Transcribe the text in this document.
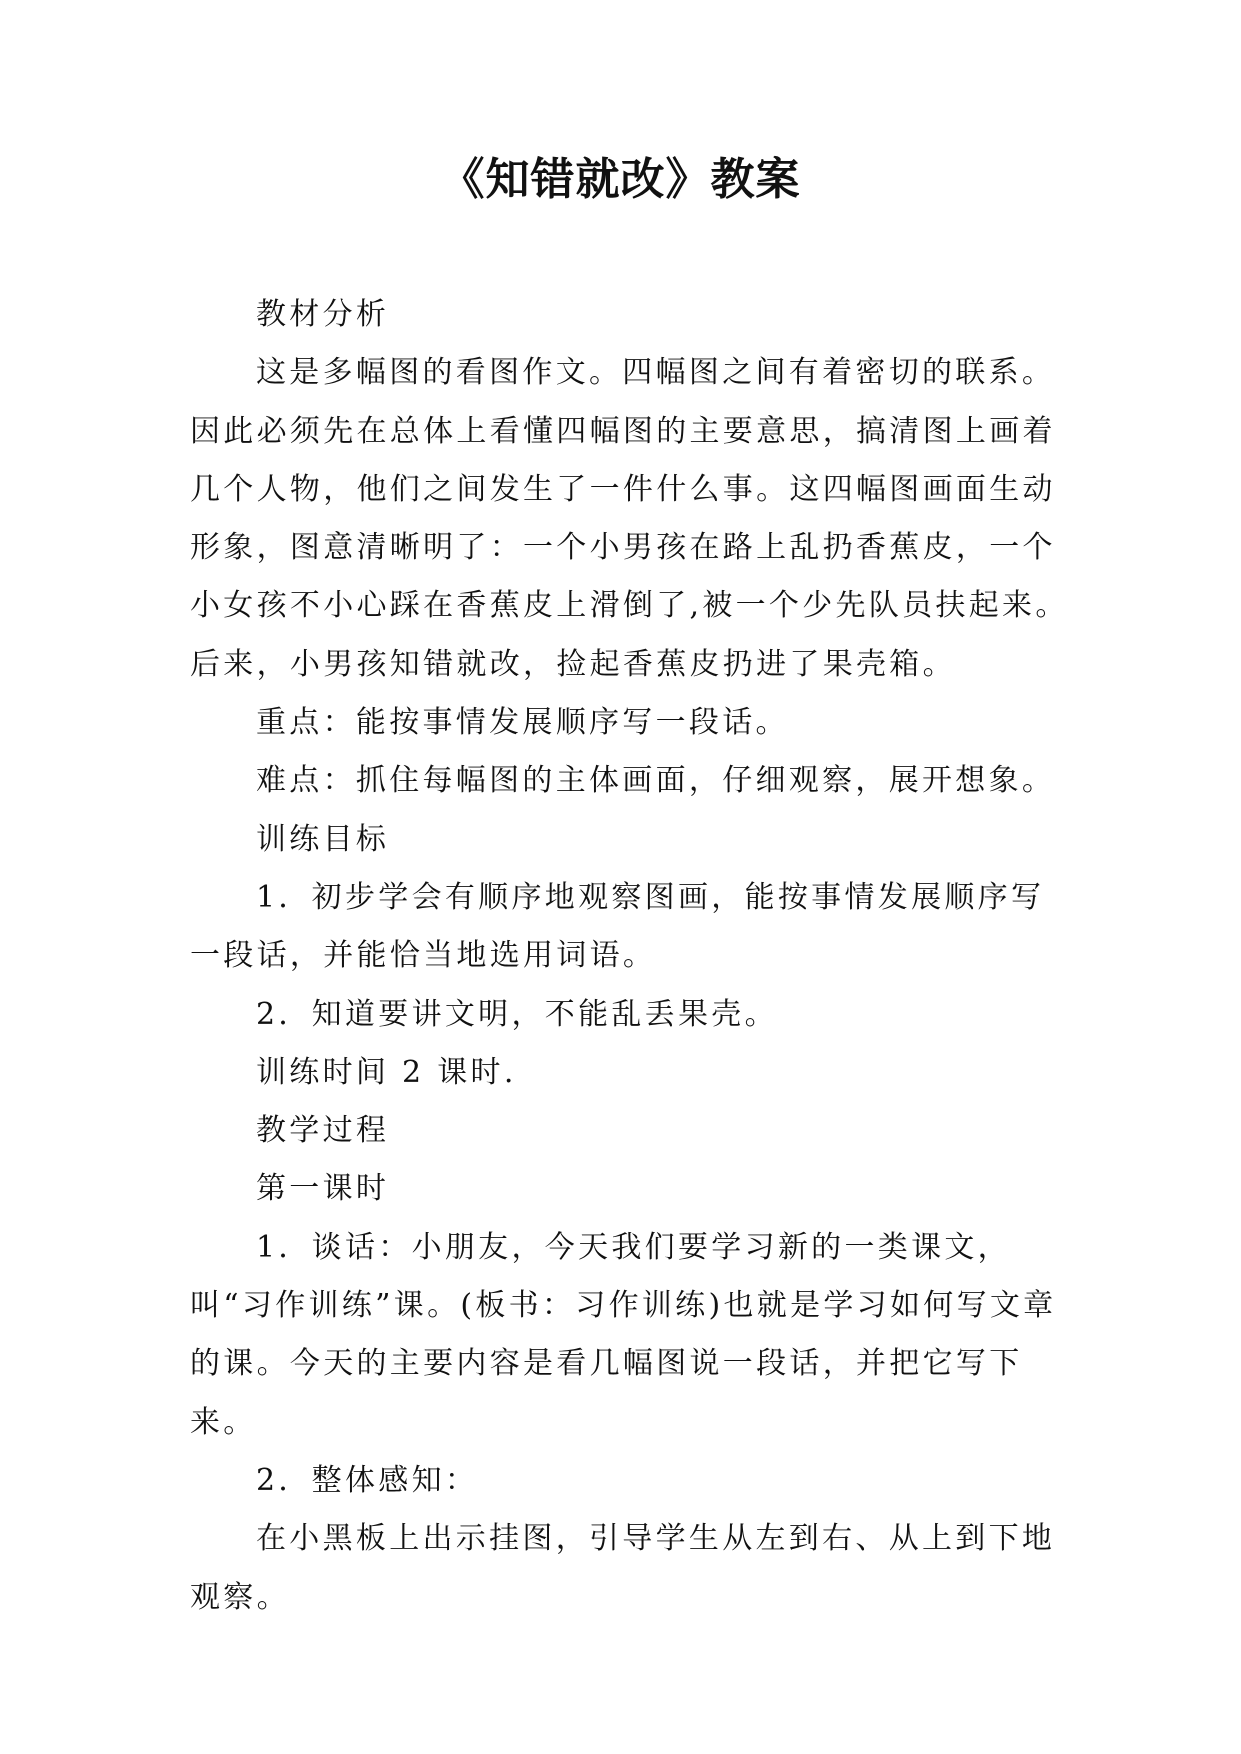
《知错就改》教案

教材分析

这是多幅图的看图作文。四幅图之间有着密切的联系。因此必须先在总体上看懂四幅图的主要意思，搞清图上画着几个人物，他们之间发生了一件什么事。这四幅图画面生动形象，图意清晰明了：一个小男孩在路上乱扔香蕉皮，一个小女孩不小心踩在香蕉皮上滑倒了,被一个少先队员扶起来。后来，小男孩知错就改，捡起香蕉皮扔进了果壳箱。

重点：能按事情发展顺序写一段话。

难点：抓住每幅图的主体画面，仔细观察，展开想象。

训练目标

1．初步学会有顺序地观察图画，能按事情发展顺序写一段话，并能恰当地选用词语。

2．知道要讲文明，不能乱丢果壳。

训练时间 2 课时.

教学过程

第一课时

1．谈话：小朋友，今天我们要学习新的一类课文，叫“习作训练”课。(板书：习作训练)也就是学习如何写文章的课。今天的主要内容是看几幅图说一段话，并把它写下来。

2．整体感知：

在小黑板上出示挂图，引导学生从左到右、从上到下地观察。
